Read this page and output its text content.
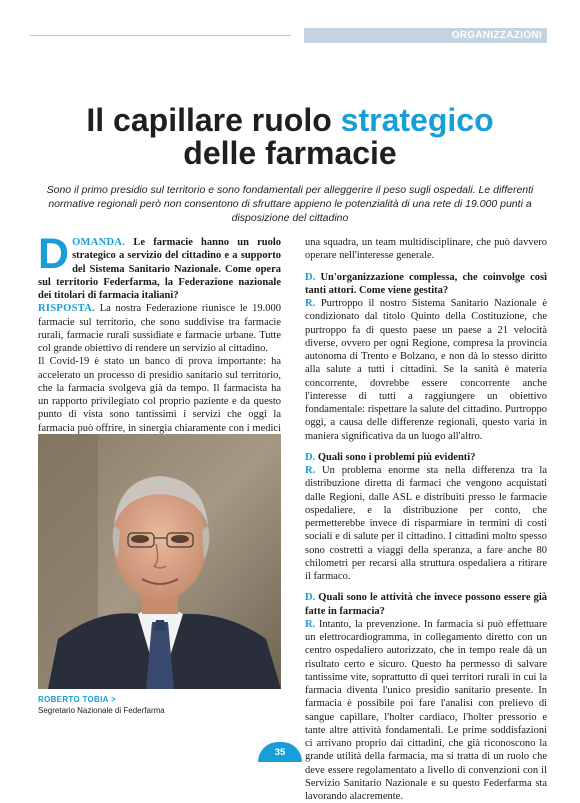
ORGANIZZAZIONI
Il capillare ruolo strategico
delle farmacie
Sono il primo presidio sul territorio e sono fondamentali per alleggerire il peso sugli ospedali. Le differenti normative regionali però non consentono di sfruttare appieno le potenzialità di una rete di 19.000 punti a disposizione del cittadino

DOMANDA. Le farmacie hanno un ruolo strategico a servizio del cittadino e a supporto del Sistema Sanitario Nazionale. Come opera sul territorio Federfarma, la Federazione nazionale dei titolari di farmacia italiani?

RISPOSTA. La nostra Federazione riunisce le 19.000 farmacie sul territorio, che sono suddivise tra farmacie rurali, farmacie rurali sussidiate e farmacie urbane. Tutte col grande obiettivo di rendere un servizio al cittadino.

Il Covid-19 è stato un banco di prova importante: ha accelerato un processo di presidio sanitario sul territorio, che la farmacia svolgeva già da tempo. Il farmacista ha un rapporto privilegiato col proprio paziente e da questo punto di vista sono tantissimi i servizi che oggi la farmacia può offrire, in sinergia chiaramente con i medici

ROBERTO TOBIA >
Segretario Nazionale di Federfarma

una squadra, un team multidisciplinare, che può davvero operare nell'interesse generale.

D. Un'organizzazione complessa, che coinvolge così tanti attori. Come viene gestita?

R. Purtroppo il nostro Sistema Sanitario Nazionale è condizionato dal titolo Quinto della Costituzione, che purtroppo fa di questo paese un paese a 21 velocità diverse, ovvero per ogni Regione, compresa la provincia autonoma di Trento e Bolzano, e non dà lo stesso diritto alla salute a tutti i cittadini. Se la sanità è materia concorrente, dovrebbe essere concorrente anche l'interesse di tutti a raggiungere un obiettivo fondamentale: rispettare la salute del cittadino. Purtroppo oggi, a causa delle differenze regionali, questo varia in maniera significativa da un luogo all'altro.

D. Quali sono i problemi più evidenti?

R. Un problema enorme sta nella differenza tra la distribuzione diretta di farmaci che vengono acquistati dalle Regioni, dalle ASL e distribuiti presso le farmacie ospedaliere, e la distribuzione per conto, che permetterebbe invece di risparmiare in termini di costi sociali e di salute per il cittadino. I cittadini molto spesso sono costretti a viaggi della speranza, a fare anche 80 chilometri per recarsi alla struttura ospedaliera a ritirare il farmaco.

D. Quali sono le attività che invece possono essere già fatte in farmacia?

R. Intanto, la prevenzione. In farmacia si può effettuare un elettrocardiogramma, in collegamento diretto con un centro ospedaliero autorizzato, che in tempo reale dà un risultato certo e sicuro. Questo ha permesso di salvare tantissime vite, soprattutto di quei territori rurali in cui la farmacia diventa l'unico presidio sanitario presente. In farmacia è possibile poi fare l'analisi con prelievo di sangue capillare, l'holter cardiaco, l'holter pressorio e tante altre attività fondamentali. Le prime soddisfazioni ci arrivano proprio dai cittadini, che già riconoscono la grande utilità della farmacia, ma si tratta di un ruolo che deve essere regolamentato a livello di convenzioni con il Servizio Sanitario Nazionale e su questo Federfarma sta lavorando alacremente.

35
